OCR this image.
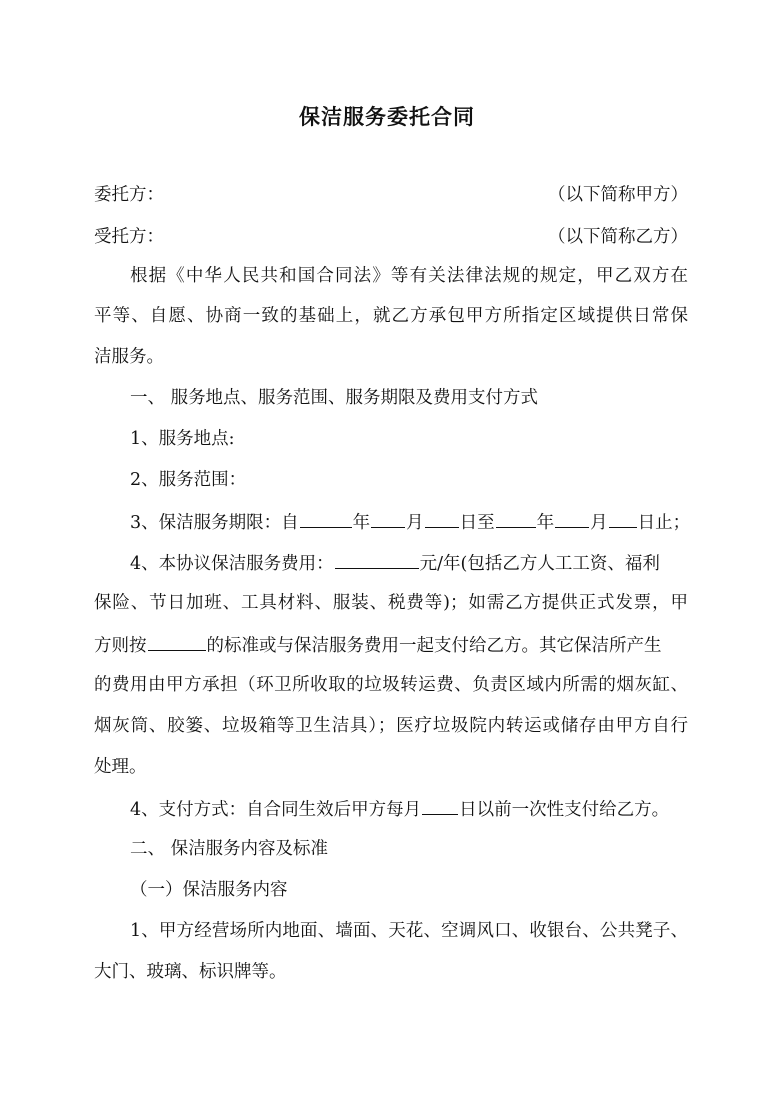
保洁服务委托合同
委托方：	（以下简称甲方）
受托方：	（以下简称乙方）
根据《中华人民共和国合同法》等有关法律法规的规定，甲乙双方在
平等、自愿、协商一致的基础上，就乙方承包甲方所指定区域提供日常保
洁服务。
一、 服务地点、服务范围、服务期限及费用支付方式
1、服务地点:
2、服务范围：
3、保洁服务期限：自	年 月 日至 年 月 日止；
4、本协议保洁服务费用：	元/年(包括乙方人工工资、福利
保险、节日加班、工具材料、服装、税费等)；如需乙方提供正式发票，甲
方则按	的标准或与保洁服务费用一起支付给乙方。其它保洁所产生
的费用由甲方承担（环卫所收取的垃圾转运费、负责区域内所需的烟灰缸、
烟灰筒、胶篓、垃圾箱等卫生洁具）；医疗垃圾院内转运或储存由甲方自行
处理。
4、支付方式：自合同生效后甲方每月 日以前一次性支付给乙方。
二、 保洁服务内容及标准
（一）保洁服务内容
1、甲方经营场所内地面、墙面、天花、空调风口、收银台、公共凳子、
大门、玻璃、标识牌等。
